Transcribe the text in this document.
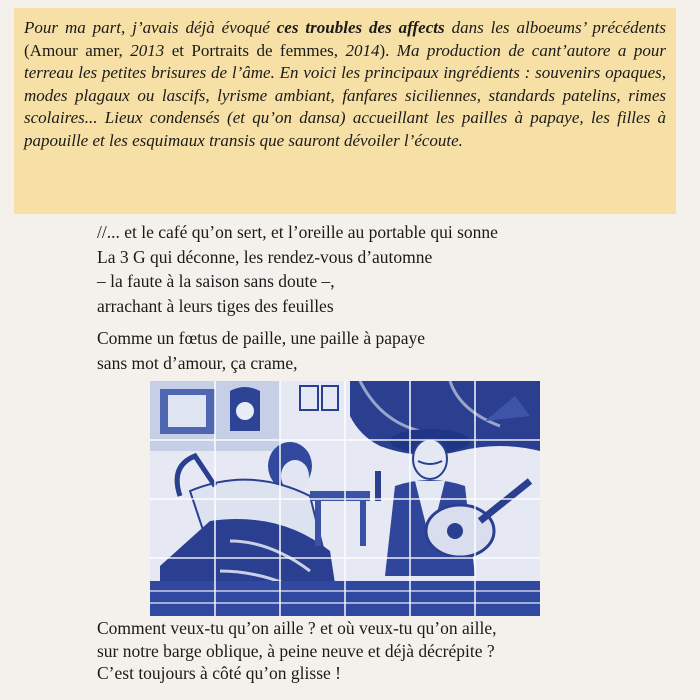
Pour ma part, j’avais déjà évoqué ces troubles des affects dans les alboeums’ précédents (Amour amer, 2013 et Portraits de femmes, 2014). Ma production de cant’autore a pour terreau les petites brisures de l’âme. En voici les principaux ingrédients : souvenirs opaques, modes plagaux ou lascifs, lyrisme ambiant, fanfares siciliennes, standards patelins, rimes scolaires... Lieux condensés (et qu’on dansa) accueillant les pailles à papaye, les filles à papouille et les esquimaux transis que sauront dévoiler l’écoute.
//... et le café qu’on sert, et l’oreille au portable qui sonne
La 3 G qui déconne, les rendez-vous d’automne
– la faute à la saison sans doute –,
arrachant à leurs tiges des feuilles
Comme un fœtus de paille, une paille à papaye
sans mot d’amour, ça crame,
Comment veux-tu qu’on aille ? et où veux-tu qu’on aille,
sur notre barge oblique, à peine neuve et déjà décrépite ?
C’est toujours à côté qu’on glisse !
